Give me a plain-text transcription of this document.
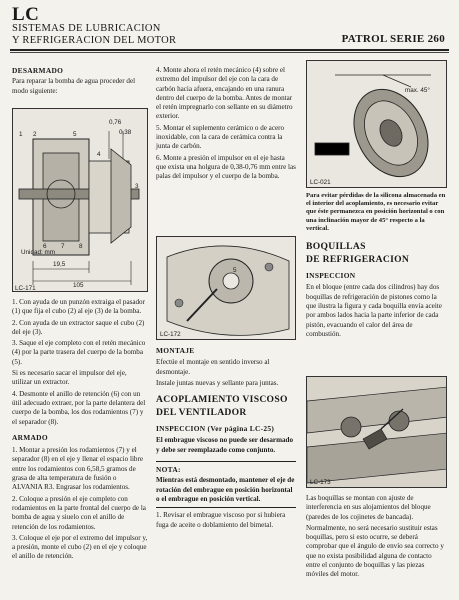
LC
SISTEMAS DE LUBRICACION
Y REFRIGERACION DEL MOTOR	PATROL SERIE 260

DESARMADO

Para reparar la bomba de agua proceder del modo siguiente:

0,76
0,38
Unidad: mm
19,5
105
LC-171
1 2
3
4
5
6 7 8

1. Con ayuda de un punzón extraiga el pasador (1) que fija el cubo (2) al eje (3) de la bomba.

2. Con ayuda de un extractor saque el cubo (2) del eje (3).

3. Saque el eje completo con el retén mecánico (4) por la parte trasera del cuerpo de la bomba (5).

Si es necesario sacar el impulsor del eje, utilizar un extractor.

4. Desmonte el anillo de retención (6) con un útil adecuado extraer, por la parte delantera del cuerpo de la bomba, los dos rodamientos (7) y el separador (8).

ARMADO

1. Montar a presión los rodamientos (7) y el separador (8) en el eje y llenar el espacio libre entre los rodamientos con 6,58,5 gramos de grasa de alta temperatura de fusión o ALVANIA R3. Engrasar los rodamientos.

2. Coloque a presión el eje completo con rodamientos en la parte frontal del cuerpo de la bomba de agua y siuelo con el anillo de retención de los rodamientos.

3. Coloque el eje por el extremo del impulsor y, a presión, monte el cubo (2) en el eje y coloque el anillo de retención.

4. Monte ahora el retén mecánico (4) sobre el extremo del impulsor del eje con la cara de carbón hacia afuera, encajando en una ranura dentro del cuerpo de la bomba. Antes de montar el retén impregnarlo con sellante en su diámetro exterior.

5. Montar el suplemento cerámico o de acero inoxidable, con la cara de cerámica contra la junta de carbón.

6. Monte a presión el impulsor en el eje hasta que exista una holgura de 0,38-0,76 mm entre las palas del impulsor y el cuerpo de la bomba.

5
LC-172

MONTAJE

Efectúe el montaje en sentido inverso al desmontaje.

Instale juntas nuevas y sellante para juntas.

ACOPLAMIENTO VISCOSO

DEL VENTILADOR

INSPECCION (Ver página LC-25)

El embrague viscoso no puede ser desarmado y debe ser reemplazado como conjunto.

NOTA:

Mientras está desmontado, mantener el eje de rotación del embrague en posición horizontal o el embrague en posición vertical.

1. Revisar el embrague viscoso por si hubiera fuga de aceite o doblamiento del bimetal.

max. 45°
LC-021

Para evitar pérdidas de la silicona almacenada en el interior del acoplamiento, es necesario evitar que éste permanezca en posición horizontal o con una inclinación mayor de 45° respecto a la vertical.

BOQUILLAS

DE REFRIGERACION

INSPECCION

En el bloque (entre cada dos cilindros) hay dos boquillas de refrigeración de pistones como la que ilustra la figura y cada boquilla envía aceite por ambos lados hacia la parte inferior de cada pistón, evacuando el calor del área de combustión.

LC-173

Las boquillas se montan con ajuste de interferencia en sus alojamientos del bloque (paredes de los cojinetes de bancada).

Normalmente, no será necesario sustituir estas boquillas, pero si esto ocurre, se deberá comprobar que el ángulo de envío sea correcto y que no exista posibilidad alguna de contacto entre el conjunto de boquillas y las piezas móviles del motor.
